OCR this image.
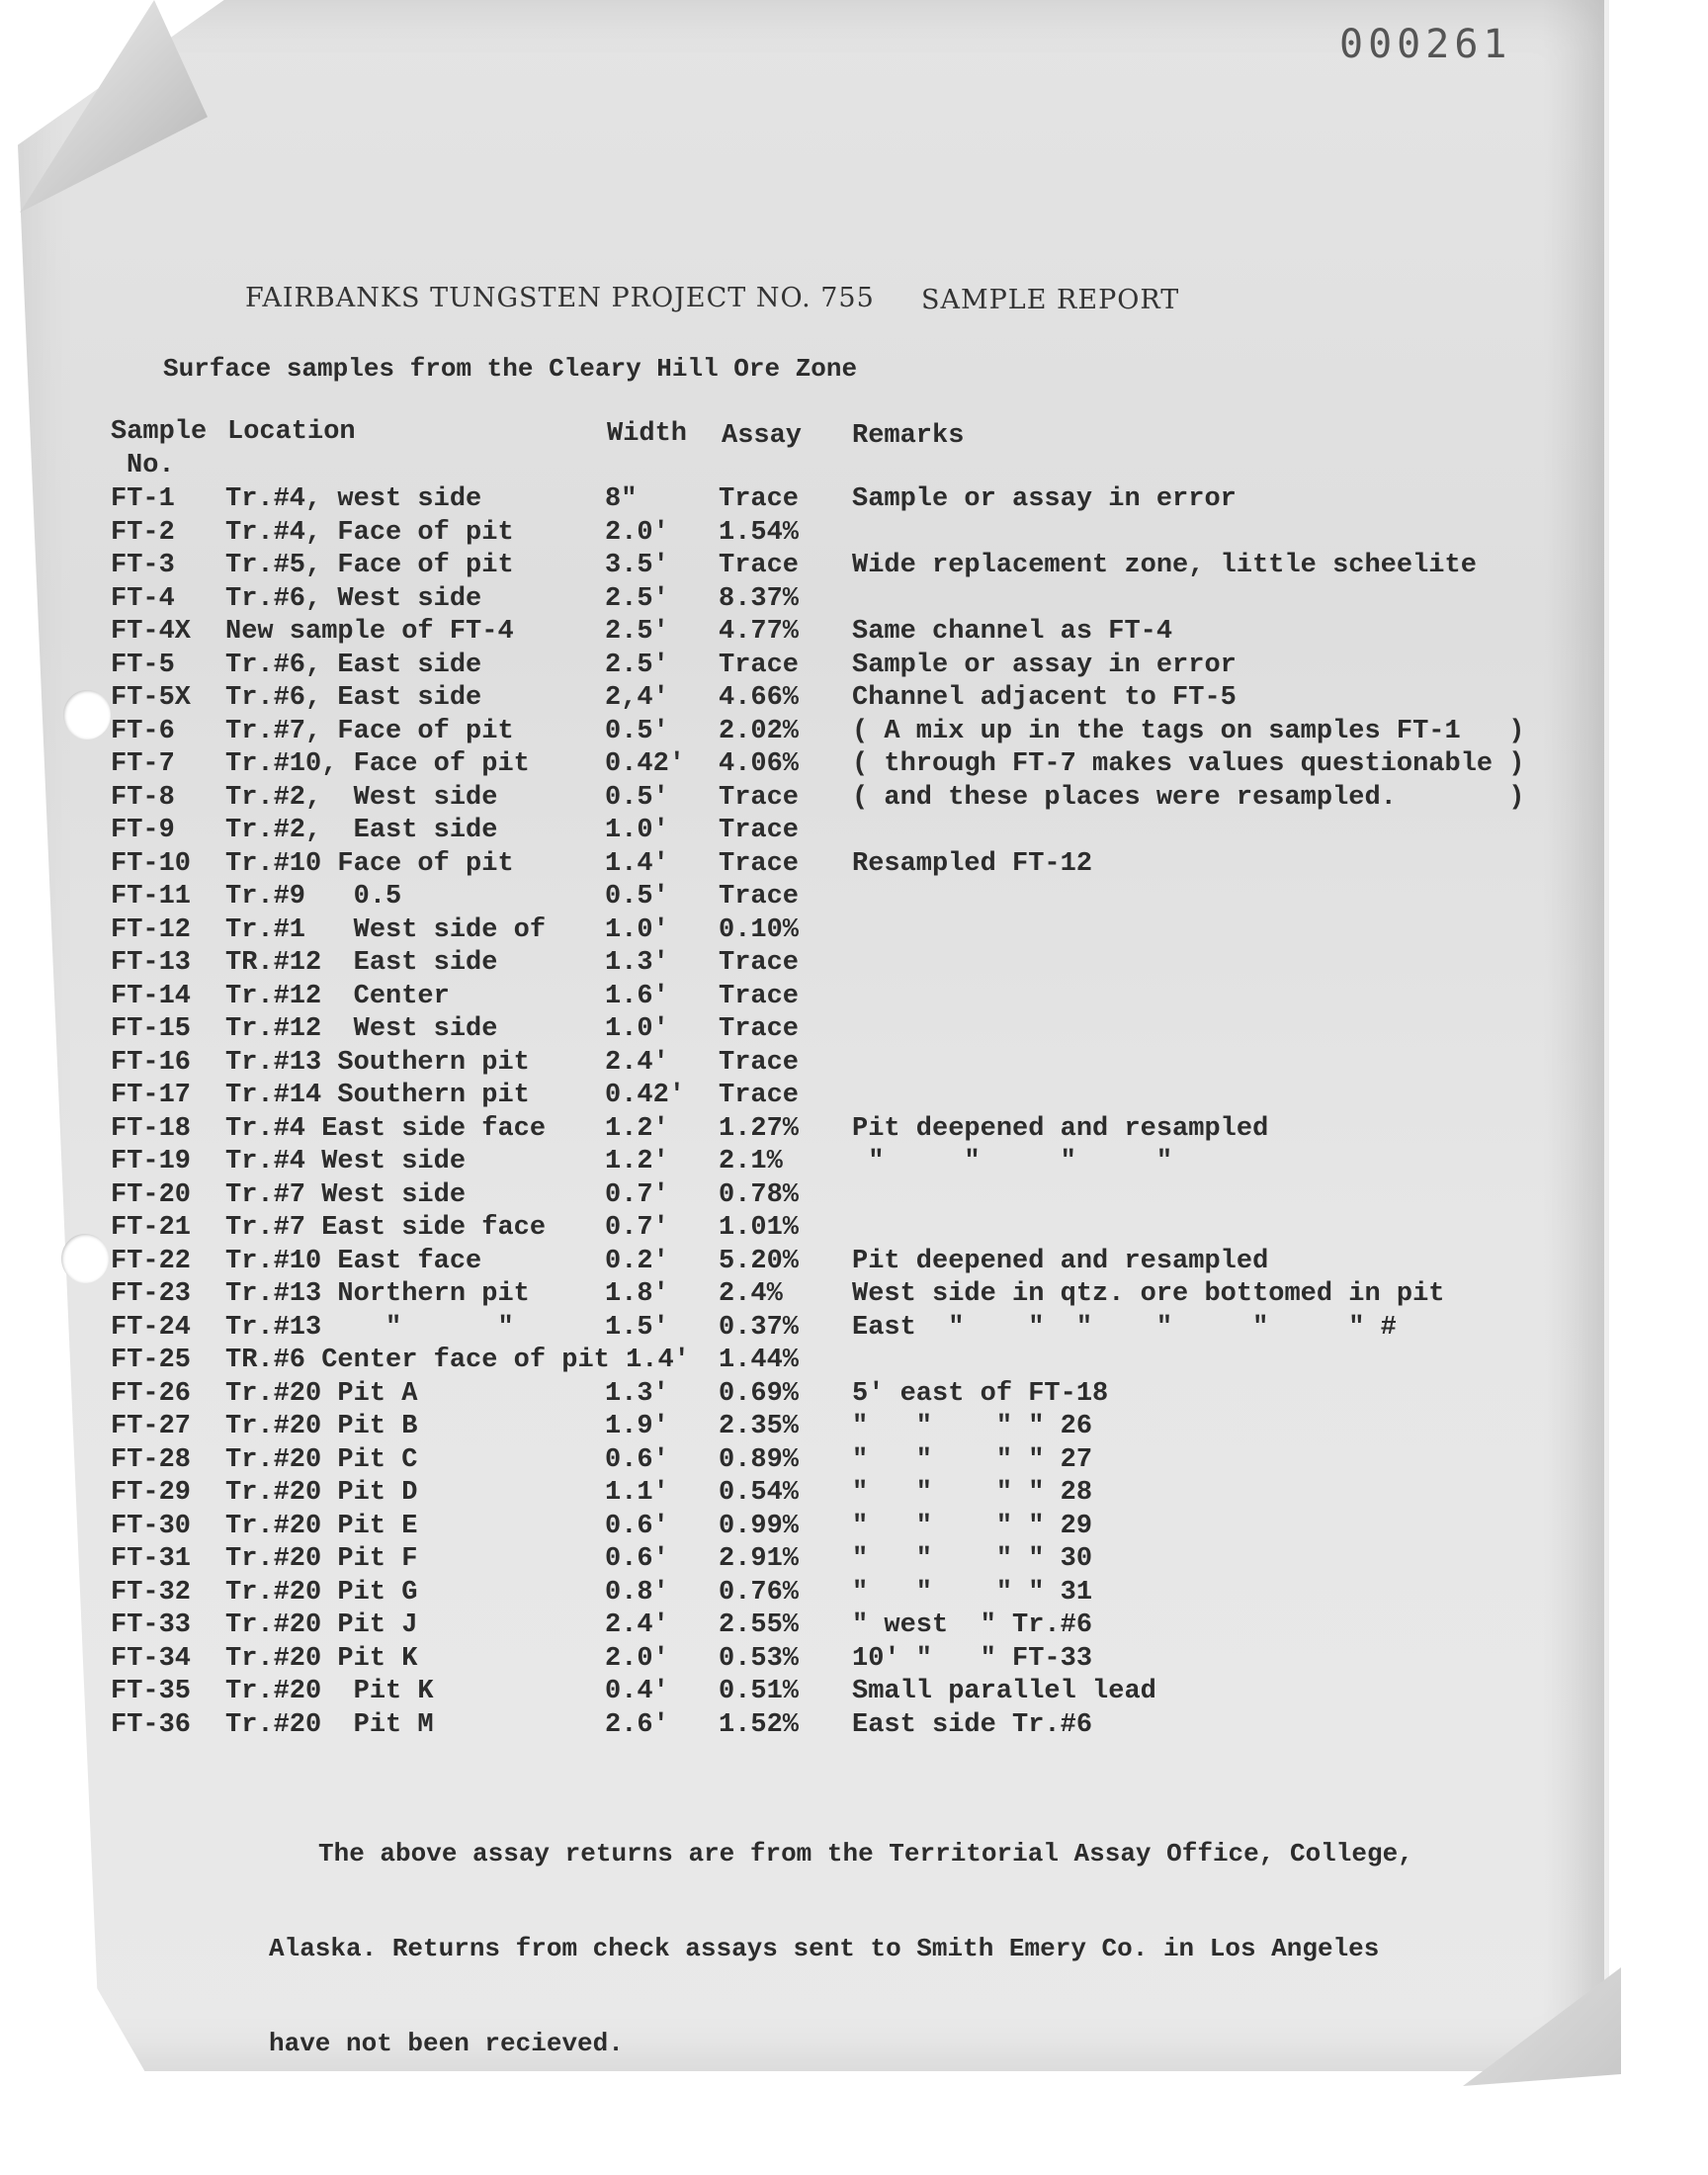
000261
FAIRBANKS TUNGSTEN PROJECT NO. 755 SAMPLE REPORT
Surface samples from the Cleary Hill Ore Zone
Sample
No.
Location	Width Assay Remarks
FT-1 Tr.#4, west side	8"	Trace Sample or assay in error
FT-2 Tr.#4, Face of pit	2.0' 1.54%
FT-3 Tr.#5, Face of pit	3.5' Trace Wide replacement zone, little scheelite
FT-4 Tr.#6, West side	2.5' 8.37%
FT-4X New sample of FT-4	2.5' 4.77% Same channel as FT-4
FT-5 Tr.#6, East side	2.5' Trace Sample or assay in error
FT-5X Tr.#6, East side	2,4' 4.66% Channel adjacent to FT-5
FT-6 Tr.#7, Face of pit	0.5' 2.02% ( A mix up in the tags on samples FT-1   )
FT-7 Tr.#10, Face of pit	0.42' 4.06% ( through FT-7 makes values questionable )
FT-8 Tr.#2,  West side	0.5' Trace ( and these places were resampled.       )
FT-9 Tr.#2,  East side	1.0' Trace
FT-10 Tr.#10 Face of pit	1.4' Trace Resampled FT-12
FT-11 Tr.#9   0.5	0.5' Trace
FT-12 Tr.#1   West side of 1.0' 0.10%
FT-13 TR.#12  East side	1.3' Trace
FT-14 Tr.#12  Center	1.6' Trace
FT-15 Tr.#12  West side	1.0' Trace
FT-16 Tr.#13 Southern pit	2.4' Trace
FT-17 Tr.#14 Southern pit	0.42' Trace
FT-18 Tr.#4 East side face 1.2' 1.27% Pit deepened and resampled
FT-19 Tr.#4 West side	1.2' 2.1%	"     "     "     "
FT-20 Tr.#7 West side	0.7' 0.78%
FT-21 Tr.#7 East side face 0.7' 1.01%
FT-22 Tr.#10 East face	0.2' 5.20% Pit deepened and resampled
FT-23 Tr.#13 Northern pit	1.8' 2.4%	West side in qtz. ore bottomed in pit
FT-24 Tr.#13    "      "	1.5' 0.37% East  "    "  "    "     "     " #
FT-25 TR.#6 Center face of pit 1.4' 1.44%
FT-26 Tr.#20 Pit A	1.3' 0.69% 5' east of FT-18
FT-27 Tr.#20 Pit B	1.9' 2.35% "   "    " " 26
FT-28 Tr.#20 Pit C	0.6' 0.89% "   "    " " 27
FT-29 Tr.#20 Pit D	1.1' 0.54% "   "    " " 28
FT-30 Tr.#20 Pit E	0.6' 0.99% "   "    " " 29
FT-31 Tr.#20 Pit F	0.6' 2.91% "   "    " " 30
FT-32 Tr.#20 Pit G	0.8' 0.76% "   "    " " 31
FT-33 Tr.#20 Pit J	2.4' 2.55% " west  " Tr.#6
FT-34 Tr.#20 Pit K	2.0' 0.53% 10' "   " FT-33
FT-35 Tr.#20  Pit K	0.4' 0.51% Small parallel lead
FT-36 Tr.#20  Pit M	2.6' 1.52% East side Tr.#6

The above assay returns are from the Territorial Assay Office, College,

Alaska. Returns from check assays sent to Smith Emery Co. in Los Angeles

have not been recieved.
